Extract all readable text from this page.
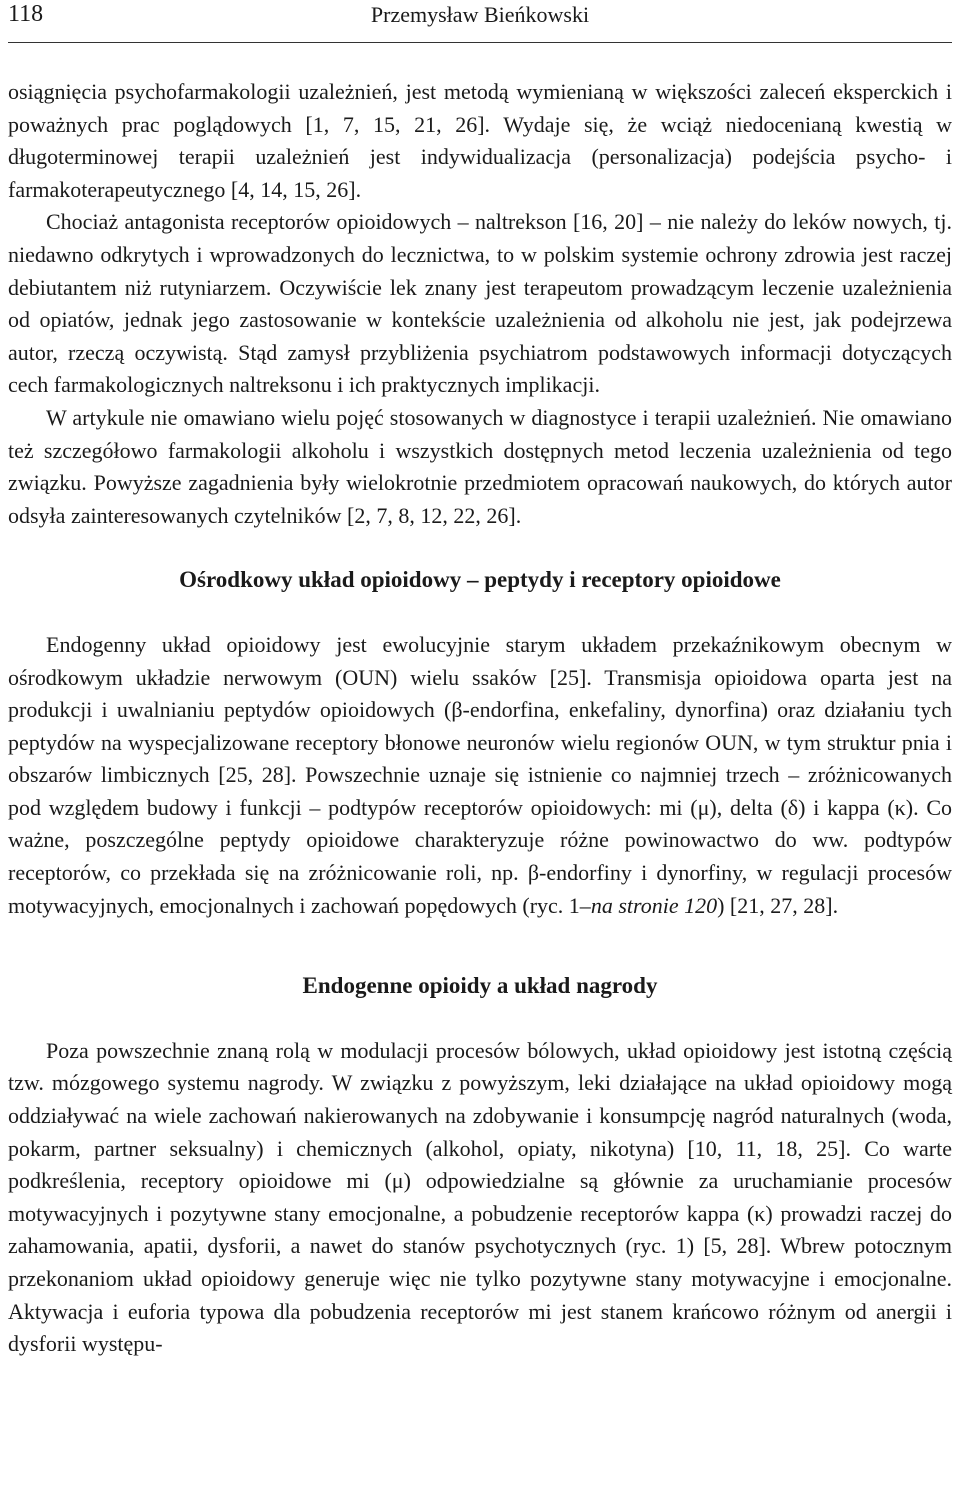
118	Przemysław Bieńkowski

osiągnięcia psychofarmakologii uzależnień, jest metodą wymienianą w większości zaleceń eksperckich i poważnych prac poglądowych [1, 7, 15, 21, 26]. Wydaje się, że wciąż niedocenianą kwestią w długoterminowej terapii uzależnień jest indywidualizacja (personalizacja) podejścia psycho- i farmakoterapeutycznego [4, 14, 15, 26].

Chociaż antagonista receptorów opioidowych – naltrekson [16, 20] – nie należy do leków nowych, tj. niedawno odkrytych i wprowadzonych do lecznictwa, to w polskim systemie ochrony zdrowia jest raczej debiutantem niż rutyniarzem. Oczywiście lek znany jest terapeutom prowadzącym leczenie uzależnienia od opiatów, jednak jego zastosowanie w kontekście uzależnienia od alkoholu nie jest, jak podejrzewa autor, rzeczą oczywistą. Stąd zamysł przybliżenia psychiatrom podstawowych informacji dotyczących cech farmakologicznych naltreksonu i ich praktycznych implikacji.

W artykule nie omawiano wielu pojęć stosowanych w diagnostyce i terapii uzależnień. Nie omawiano też szczegółowo farmakologii alkoholu i wszystkich dostępnych metod leczenia uzależnienia od tego związku. Powyższe zagadnienia były wielokrotnie przedmiotem opracowań naukowych, do których autor odsyła zainteresowanych czytelników [2, 7, 8, 12, 22, 26].

Ośrodkowy układ opioidowy – peptydy i receptory opioidowe

Endogenny układ opioidowy jest ewolucyjnie starym układem przekaźnikowym obecnym w ośrodkowym układzie nerwowym (OUN) wielu ssaków [25]. Transmisja opioidowa oparta jest na produkcji i uwalnianiu peptydów opioidowych (β-endorfina, enkefaliny, dynorfina) oraz działaniu tych peptydów na wyspecjalizowane receptory błonowe neuronów wielu regionów OUN, w tym struktur pnia i obszarów limbicznych [25, 28]. Powszechnie uznaje się istnienie co najmniej trzech – zróżnicowanych pod względem budowy i funkcji – podtypów receptorów opioidowych: mi (μ), delta (δ) i kappa (κ). Co ważne, poszczególne peptydy opioidowe charakteryzuje różne powinowactwo do ww. podtypów receptorów, co przekłada się na zróżnicowanie roli, np. β-endorfiny i dynorfiny, w regulacji procesów motywacyjnych, emocjonalnych i zachowań popędowych (ryc. 1–na stronie 120) [21, 27, 28].

Endogenne opioidy a układ nagrody

Poza powszechnie znaną rolą w modulacji procesów bólowych, układ opioidowy jest istotną częścią tzw. mózgowego systemu nagrody. W związku z powyższym, leki działające na układ opioidowy mogą oddziaływać na wiele zachowań nakierowanych na zdobywanie i konsumpcję nagród naturalnych (woda, pokarm, partner seksualny) i chemicznych (alkohol, opiaty, nikotyna) [10, 11, 18, 25]. Co warte podkreślenia, receptory opioidowe mi (μ) odpowiedzialne są głównie za uruchamianie procesów motywacyjnych i pozytywne stany emocjonalne, a pobudzenie receptorów kappa (κ) prowadzi raczej do zahamowania, apatii, dysforii, a nawet do stanów psychotycznych (ryc. 1) [5, 28]. Wbrew potocznym przekonaniom układ opioidowy generuje więc nie tylko pozytywne stany motywacyjne i emocjonalne. Aktywacja i euforia typowa dla pobudzenia receptorów mi jest stanem krańcowo różnym od anergii i dysforii występu-
